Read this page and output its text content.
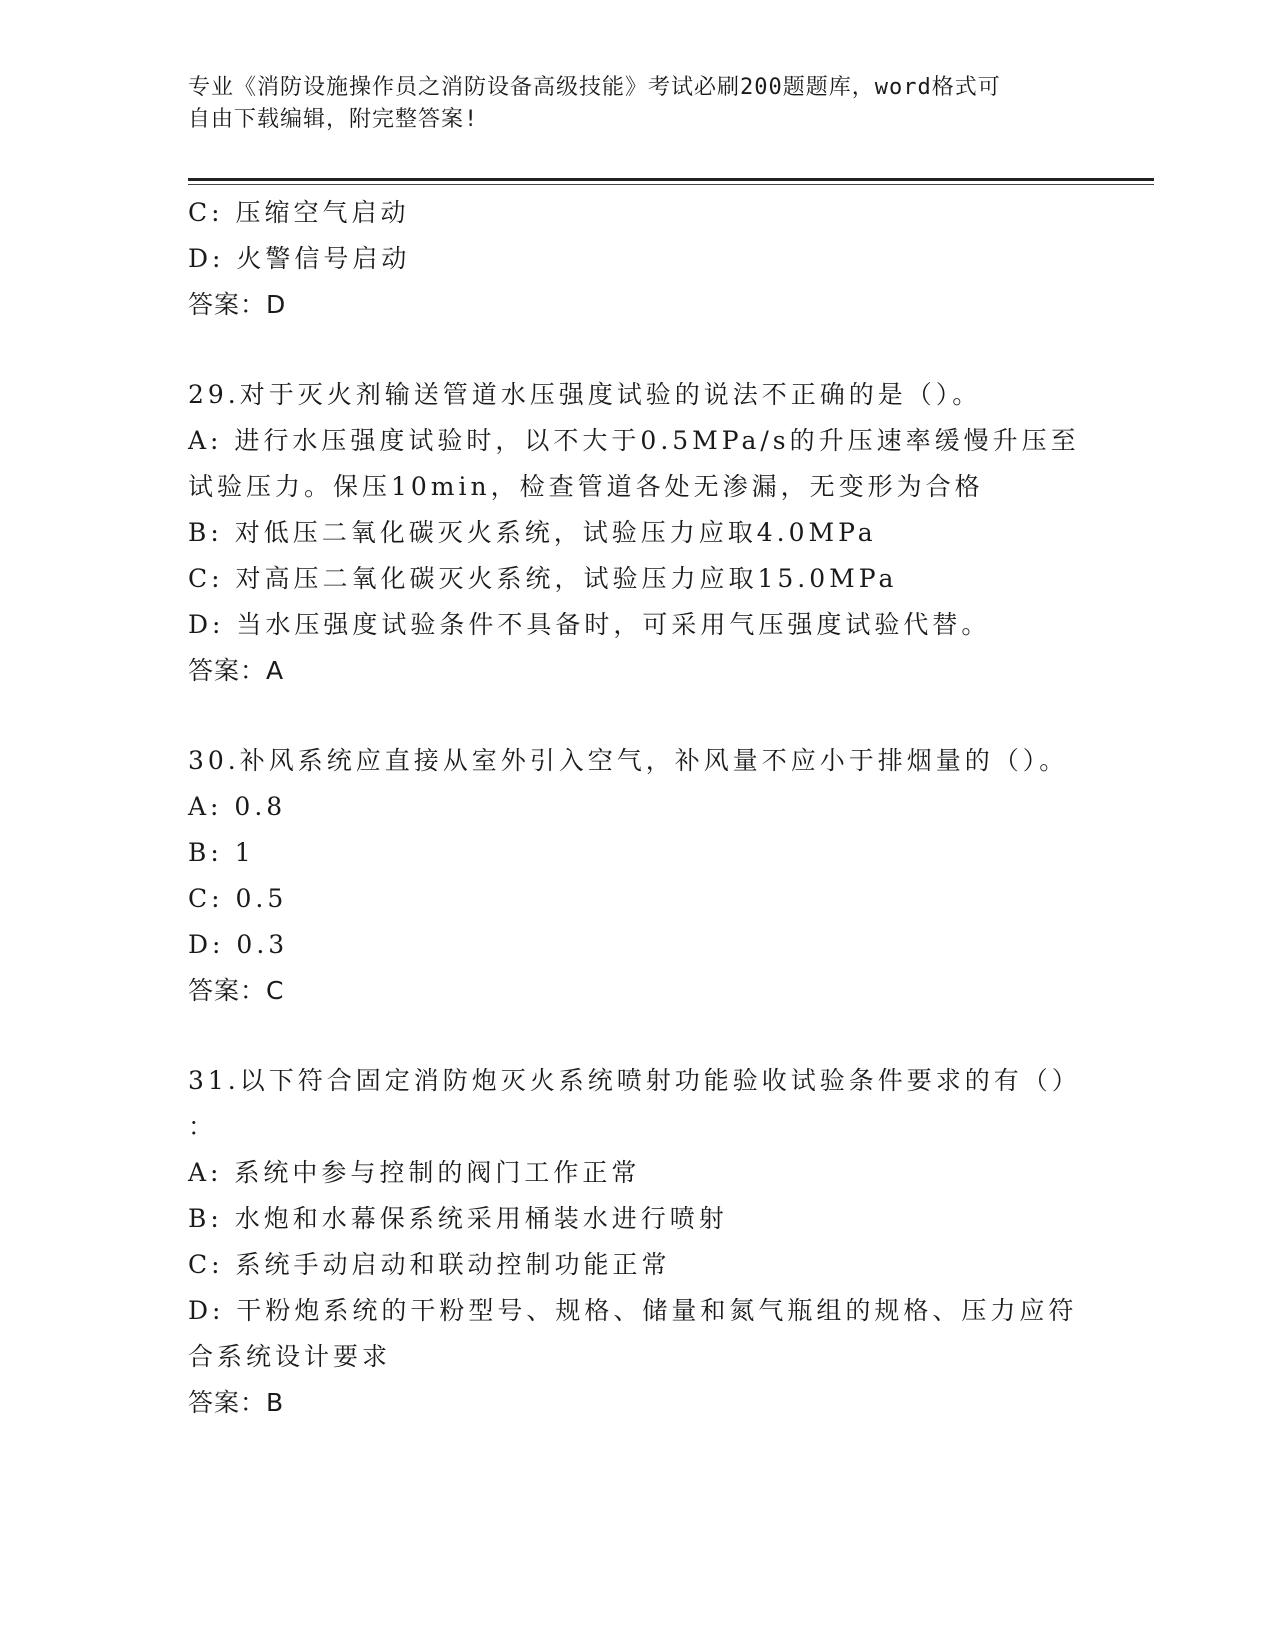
专业《消防设施操作员之消防设备高级技能》考试必刷200题题库，word格式可
自由下载编辑，附完整答案!
C: 压缩空气启动
D: 火警信号启动
答案：D
29.对于灭火剂输送管道水压强度试验的说法不正确的是（）。
A: 进行水压强度试验时，以不大于0.5MPa/s的升压速率缓慢升压至
试验压力。保压10min，检查管道各处无渗漏，无变形为合格
B: 对低压二氧化碳灭火系统，试验压力应取4.0MPa
C: 对高压二氧化碳灭火系统，试验压力应取15.0MPa
D: 当水压强度试验条件不具备时，可采用气压强度试验代替。
答案：A
30.补风系统应直接从室外引入空气，补风量不应小于排烟量的（）。
A: 0.8
B: 1
C: 0.5
D: 0.3
答案：C
31.以下符合固定消防炮灭火系统喷射功能验收试验条件要求的有（）
：
A: 系统中参与控制的阀门工作正常
B: 水炮和水幕保系统采用桶装水进行喷射
C: 系统手动启动和联动控制功能正常
D: 干粉炮系统的干粉型号、规格、储量和氮气瓶组的规格、压力应符
合系统设计要求
答案：B
